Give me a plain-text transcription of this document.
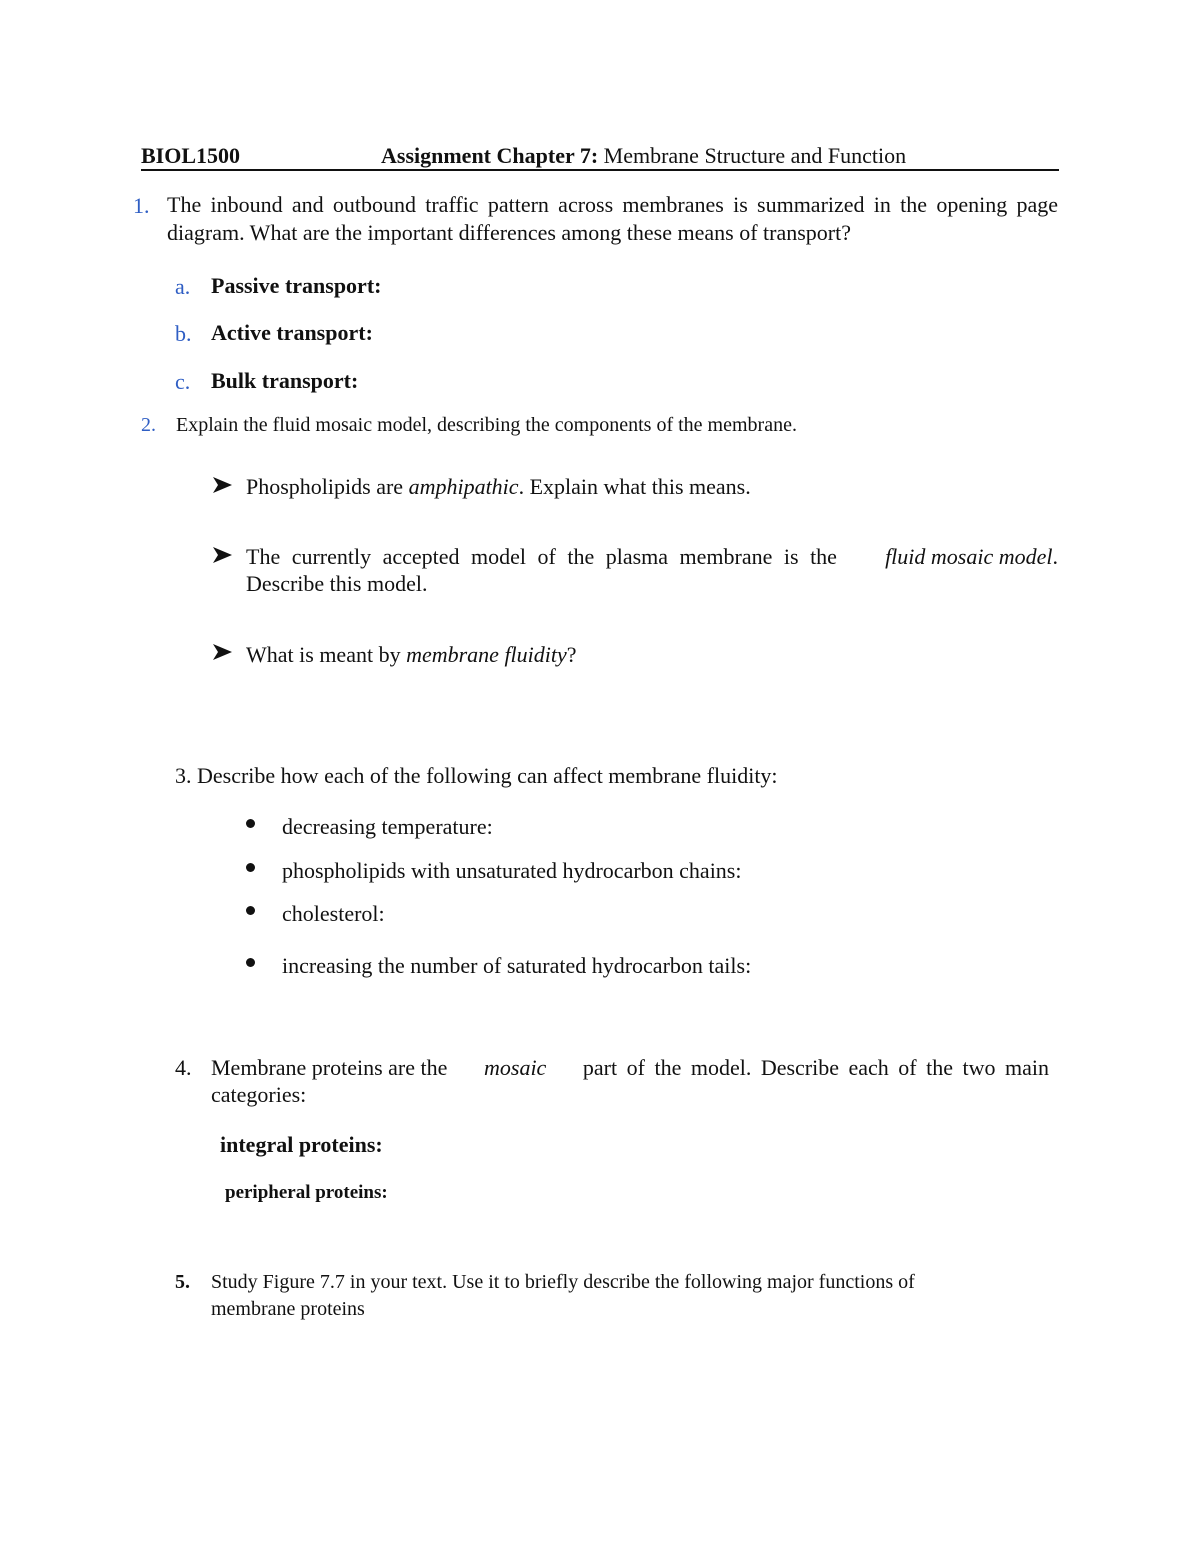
BIOL1500	Assignment Chapter 7: Membrane Structure and Function
1. The inbound and outbound traffic pattern across membranes is summarized in the opening page diagram. What are the important differences among these means of transport?
a. Passive transport:
b. Active transport:
c. Bulk transport:
2. Explain the fluid mosaic model, describing the components of the membrane.
Phospholipids are amphipathic. Explain what this means.
The currently accepted model of the plasma membrane is the fluid mosaic model.
Describe this model.
What is meant by membrane fluidity?
3. Describe how each of the following can affect membrane fluidity:
decreasing temperature:
phospholipids with unsaturated hydrocarbon chains:
cholesterol:
increasing the number of saturated hydrocarbon tails:
4. Membrane proteins are the mosaic part of the model. Describe each of the two main
categories:
integral proteins:
peripheral proteins:
5. Study Figure 7.7 in your text. Use it to briefly describe the following major functions of
membrane proteins
